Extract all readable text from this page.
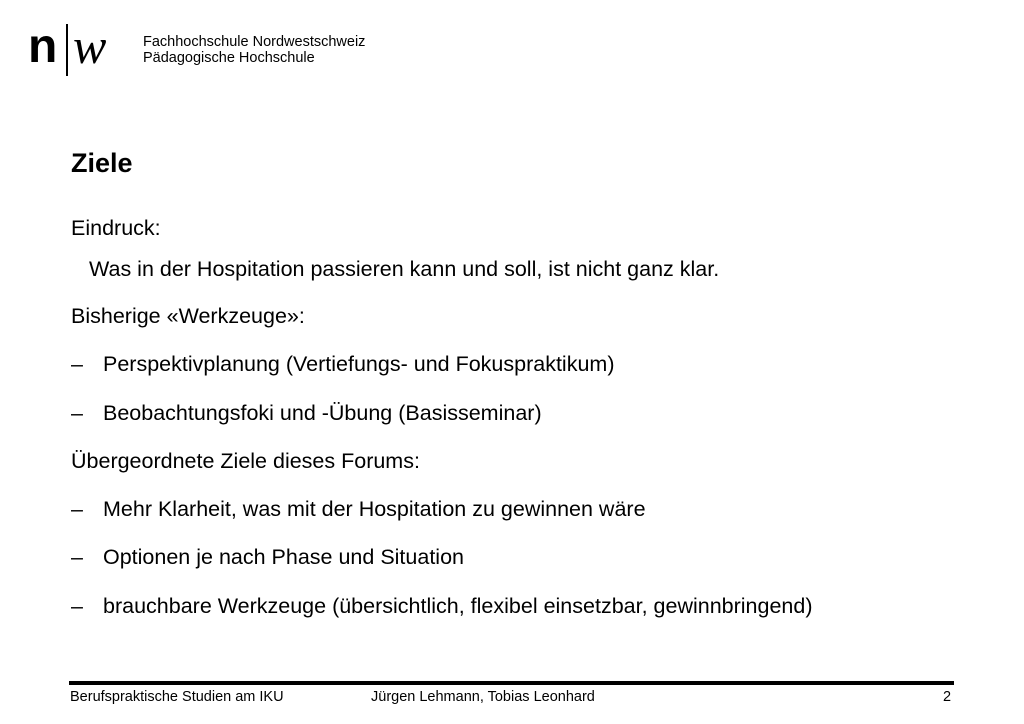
n w	Fachhochschule Nordwestschweiz
Pädagogische Hochschule
Ziele
Eindruck:
Was in der Hospitation passieren kann und soll, ist nicht ganz klar.
Bisherige «Werkzeuge»:
– Perspektivplanung (Vertiefungs- und Fokuspraktikum)
– Beobachtungsfoki und -Übung (Basisseminar)
Übergeordnete Ziele dieses Forums:
– Mehr Klarheit, was mit der Hospitation zu gewinnen wäre
– Optionen je nach Phase und Situation
– brauchbare Werkzeuge (übersichtlich, flexibel einsetzbar, gewinnbringend)
Berufspraktische Studien am IKU	Jürgen Lehmann, Tobias Leonhard	2
